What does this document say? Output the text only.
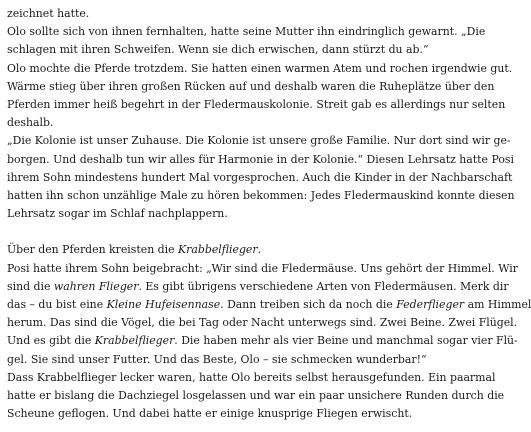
zeichnet hatte.
Olo sollte sich von ihnen fernhalten, hatte seine Mutter ihn eindringlich gewarnt. „Die
schlagen mit ihren Schweifen. Wenn sie dich erwischen, dann stürzt du ab.“
Olo mochte die Pferde trotzdem. Sie hatten einen warmen Atem und rochen irgendwie gut.
Wärme stieg über ihren großen Rücken auf und deshalb waren die Ruheplätze über den
Pferden immer heiß begehrt in der Fledermauskolonie. Streit gab es allerdings nur selten
deshalb.
„Die Kolonie ist unser Zuhause. Die Kolonie ist unsere große Familie. Nur dort sind wir ge-
borgen. Und deshalb tun wir alles für Harmonie in der Kolonie.“ Diesen Lehrsatz hatte Posi
ihrem Sohn mindestens hundert Mal vorgesprochen. Auch die Kinder in der Nachbarschaft
hatten ihn schon unzählige Male zu hören bekommen: Jedes Fledermauskind konnte diesen
Lehrsatz sogar im Schlaf nachplappern.
Über den Pferden kreisten die Krabbelflieger.
Posi hatte ihrem Sohn beigebracht: „Wir sind die Fledermäuse. Uns gehört der Himmel. Wir
sind die wahren Flieger. Es gibt übrigens verschiedene Arten von Fledermäusen. Merk dir
das – du bist eine Kleine Hufeisennase. Dann treiben sich da noch die Federflieger am Himmel
herum. Das sind die Vögel, die bei Tag oder Nacht unterwegs sind. Zwei Beine. Zwei Flügel.
Und es gibt die Krabbelflieger. Die haben mehr als vier Beine und manchmal sogar vier Flü-
gel. Sie sind unser Futter. Und das Beste, Olo – sie schmecken wunderbar!“
Dass Krabbelflieger lecker waren, hatte Olo bereits selbst herausgefunden. Ein paarmal
hatte er bislang die Dachziegel losgelassen und war ein paar unsichere Runden durch die
Scheune geflogen. Und dabei hatte er einige knusprige Fliegen erwischt.
